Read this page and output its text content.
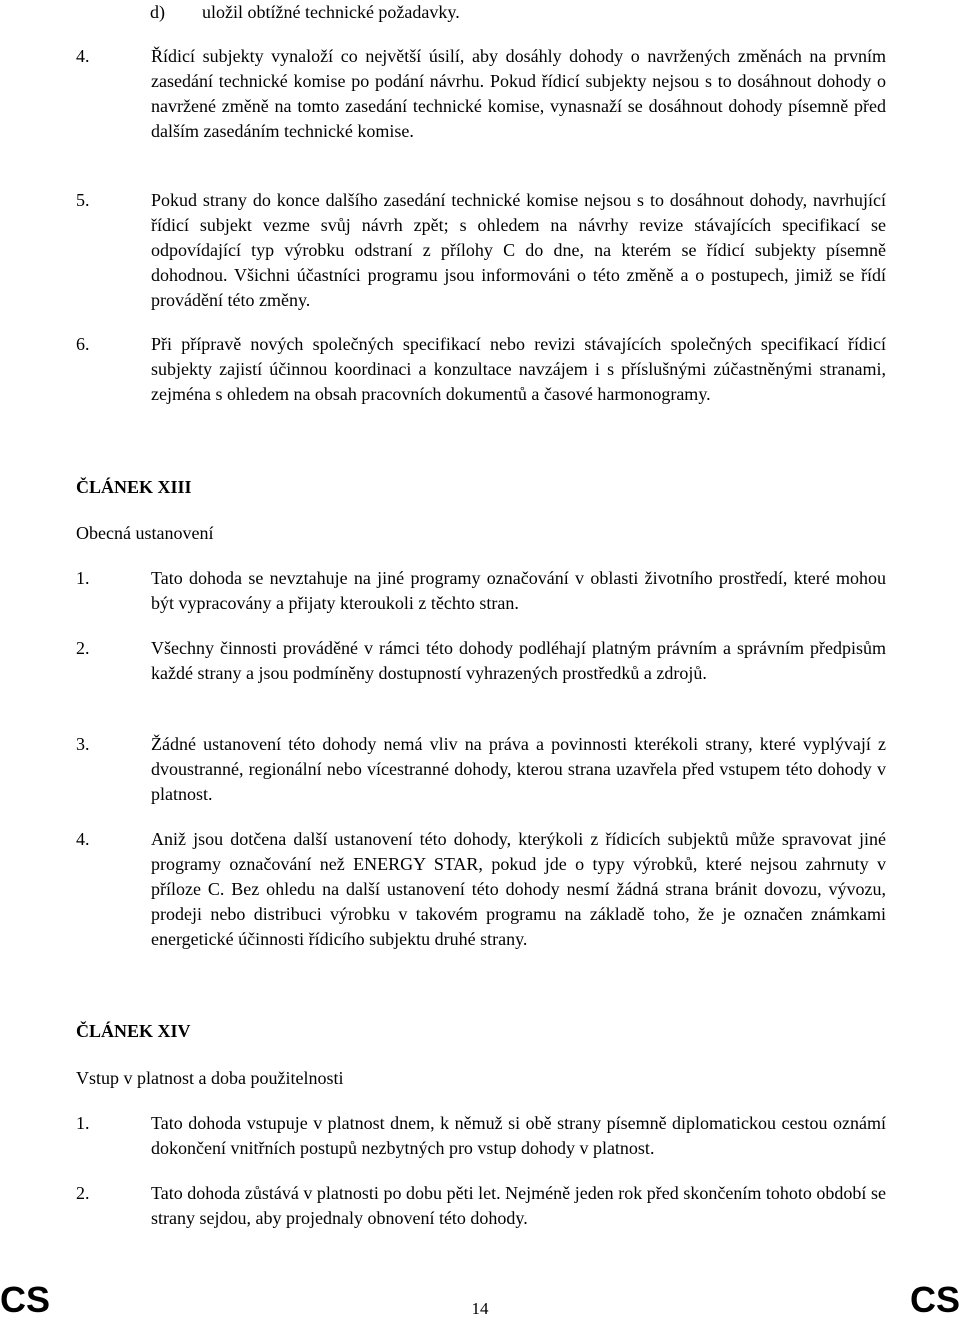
d) uložil obtížné technické požadavky.
4.	Řídicí subjekty vynaloží co největší úsilí, aby dosáhly dohody o navržených změnách na prvním zasedání technické komise po podání návrhu. Pokud řídicí subjekty nejsou s to dosáhnout dohody o navržené změně na tomto zasedání technické komise, vynasnaží se dosáhnout dohody písemně před dalším zasedáním technické komise.
5.	Pokud strany do konce dalšího zasedání technické komise nejsou s to dosáhnout dohody, navrhující řídicí subjekt vezme svůj návrh zpět; s ohledem na návrhy revize stávajících specifikací se odpovídající typ výrobku odstraní z přílohy C do dne, na kterém se řídicí subjekty písemně dohodnou. Všichni účastníci programu jsou informováni o této změně a o postupech, jimiž se řídí provádění této změny.
6.	Při přípravě nových společných specifikací nebo revizi stávajících společných specifikací řídicí subjekty zajistí účinnou koordinaci a konzultace navzájem i s příslušnými zúčastněnými stranami, zejména s ohledem na obsah pracovních dokumentů a časové harmonogramy.
ČLÁNEK XIII
Obecná ustanovení
1.	Tato dohoda se nevztahuje na jiné programy označování v oblasti životního prostředí, které mohou být vypracovány a přijaty kteroukoli z těchto stran.
2.	Všechny činnosti prováděné v rámci této dohody podléhají platným právním a správním předpisům každé strany a jsou podmíněny dostupností vyhrazených prostředků a zdrojů.
3.	Žádné ustanovení této dohody nemá vliv na práva a povinnosti kterékoli strany, které vyplývají z dvoustranné, regionální nebo vícestranné dohody, kterou strana uzavřela před vstupem této dohody v platnost.
4.	Aniž jsou dotčena další ustanovení této dohody, kterýkoli z řídicích subjektů může spravovat jiné programy označování než ENERGY STAR, pokud jde o typy výrobků, které nejsou zahrnuty v příloze C. Bez ohledu na další ustanovení této dohody nesmí žádná strana bránit dovozu, vývozu, prodeji nebo distribuci výrobku v takovém programu na základě toho, že je označen známkami energetické účinnosti řídicího subjektu druhé strany.
ČLÁNEK XIV
Vstup v platnost a doba použitelnosti
1.	Tato dohoda vstupuje v platnost dnem, k němuž si obě strany písemně diplomatickou cestou oznámí dokončení vnitřních postupů nezbytných pro vstup dohody v platnost.
2.	Tato dohoda zůstává v platnosti po dobu pěti let. Nejméně jeden rok před skončením tohoto období se strany sejdou, aby projednaly obnovení této dohody.
CS	14	CS
